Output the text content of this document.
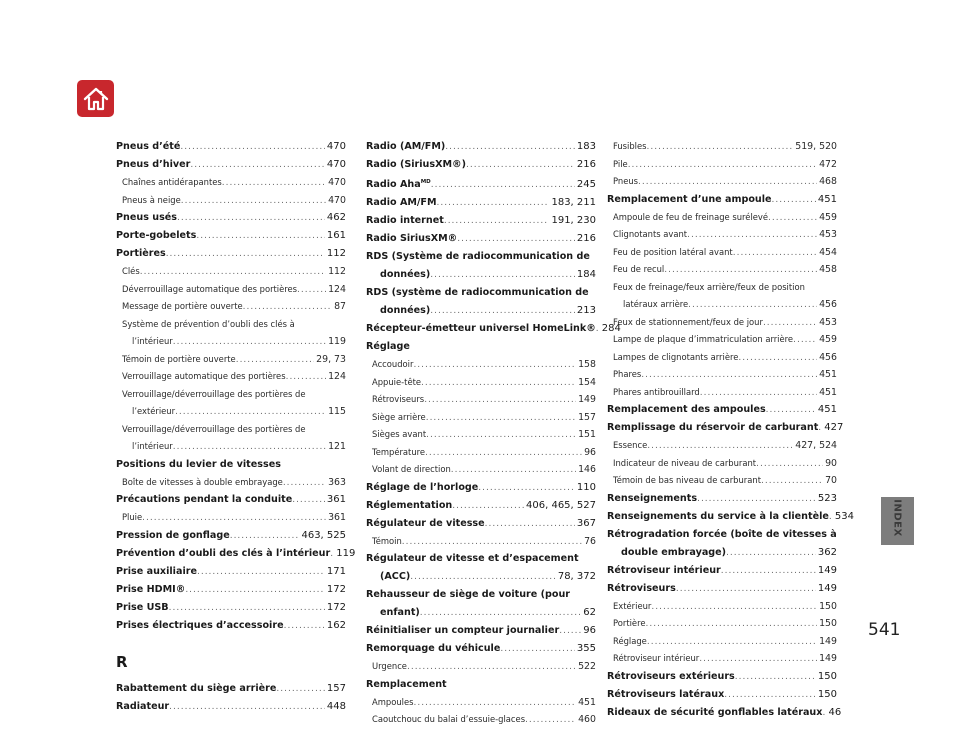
INDEX
Pneus d’été .....	470
Pneus d’hiver .....	470
Chaînes antidérapantes .....	470
Pneus à neige .....	470
Pneus usés .....	462
Porte-gobelets .....	161
Portières .....	112
Clés .....	112
Déverrouillage automatique des portières .....	124
Message de portière ouverte .....	87
Système de prévention d’oubli des clés à
l’intérieur .....	119
Témoin de portière ouverte .....	29, 73
Verrouillage automatique des portières .....	124
Verrouillage/déverrouillage des portières de
l’extérieur .....	115
Verrouillage/déverrouillage des portières de
l’intérieur .....	121
Positions du levier de vitesses
Boîte de vitesses à double embrayage .....	363
Précautions pendant la conduite .....	361
Pluie .....	361
Pression de gonflage .....	463, 525
Prévention d’oubli des clés à l’intérieur ..... 119
Prise auxiliaire .....	171
Prise HDMI® .....	172
Prise USB .....	172
Prises électriques d’accessoire .....	162
R
Rabattement du siège arrière .....	157
Radiateur .....	448
Radio (AM/FM) .....	183
Radio (SiriusXM®) .....	216
Radio Aha$^{MD}$ .....	245
Radio AM/FM .....	183, 211
Radio internet .....	191, 230
Radio SiriusXM® .....	216
RDS (Système de radiocommunication de
données) .....	184
RDS (système de radiocommunication de
données) .....	213
Récepteur-émetteur universel HomeLink® ..... 284
Réglage
Accoudoir .....	158
Appuie-tête .....	154
Rétroviseurs .....	149
Siège arrière .....	157
Sièges avant .....	151
Température .....	96
Volant de direction .....	146
Réglage de l’horloge .....	110
Réglementation .....	406, 465, 527
Régulateur de vitesse .....	367
Témoin .....	76
Régulateur de vitesse et d’espacement
(ACC) .....	78, 372
Rehausseur de siège de voiture (pour
enfant) .....	62
Réinitialiser un compteur journalier ..... 96
Remorquage du véhicule .....	355
Urgence .....	522
Remplacement
Ampoules .....	451
Caoutchouc du balai d’essuie-glaces .....	460
Fusibles .....	519, 520
Pile .....	472
Pneus .....	468
Remplacement d’une ampoule .....	451
Ampoule de feu de freinage surélevé .....	459
Clignotants avant .....	453
Feu de position latéral avant .....	454
Feu de recul .....	458
Feux de freinage/feux arrière/feux de position
latéraux arrière .....	456
Feux de stationnement/feux de jour .....	453
Lampe de plaque d’immatriculation arrière .....	459
Lampes de clignotants arrière .....	456
Phares .....	451
Phares antibrouillard .....	451
Remplacement des ampoules .....	451
Remplissage du réservoir de carburant ..... 427
Essence .....	427, 524
Indicateur de niveau de carburant .....	90
Témoin de bas niveau de carburant .....	70
Renseignements .....	523
Renseignements du service à la clientèle ..... 534
Rétrogradation forcée (boîte de vitesses à
double embrayage) .....	362
Rétroviseur intérieur .....	149
Rétroviseurs .....	149
Extérieur .....	150
Portière .....	150
Réglage .....	149
Rétroviseur intérieur .....	149
Rétroviseurs extérieurs .....	150
Rétroviseurs latéraux .....	150
Rideaux de sécurité gonflables latéraux ..... 46
541
